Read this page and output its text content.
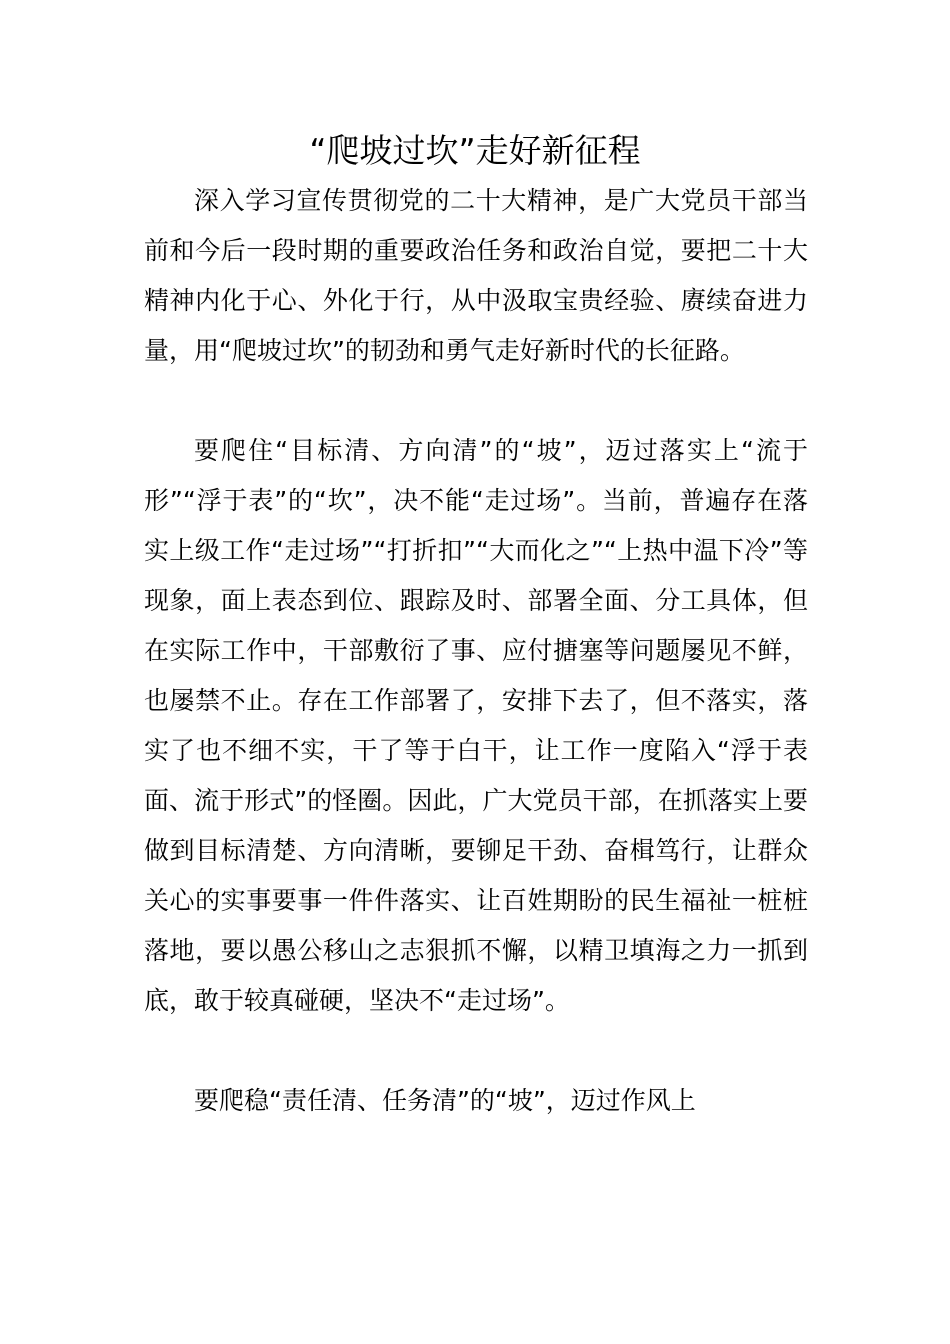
“爬坡过坎”走好新征程

深入学习宣传贯彻党的二十大精神，是广大党员干部当前和今后一段时期的重要政治任务和政治自觉，要把二十大精神内化于心、外化于行，从中汲取宝贵经验、赓续奋进力量，用“爬坡过坎”的韧劲和勇气走好新时代的长征路。

要爬住“目标清、方向清”的“坡”，迈过落实上“流于形”“浮于表”的“坎”，决不能“走过场”。当前，普遍存在落实上级工作“走过场”“打折扣”“大而化之”“上热中温下冷”等现象，面上表态到位、跟踪及时、部署全面、分工具体，但在实际工作中，干部敷衍了事、应付搪塞等问题屡见不鲜，也屡禁不止。存在工作部署了，安排下去了，但不落实，落实了也不细不实，干了等于白干，让工作一度陷入“浮于表面、流于形式”的怪圈。因此，广大党员干部，在抓落实上要做到目标清楚、方向清晰，要铆足干劲、奋楫笃行，让群众关心的实事要事一件件落实、让百姓期盼的民生福祉一桩桩落地，要以愚公移山之志狠抓不懈，以精卫填海之力一抓到底，敢于较真碰硬，坚决不“走过场”。

要爬稳“责任清、任务清”的“坡”，迈过作风上
